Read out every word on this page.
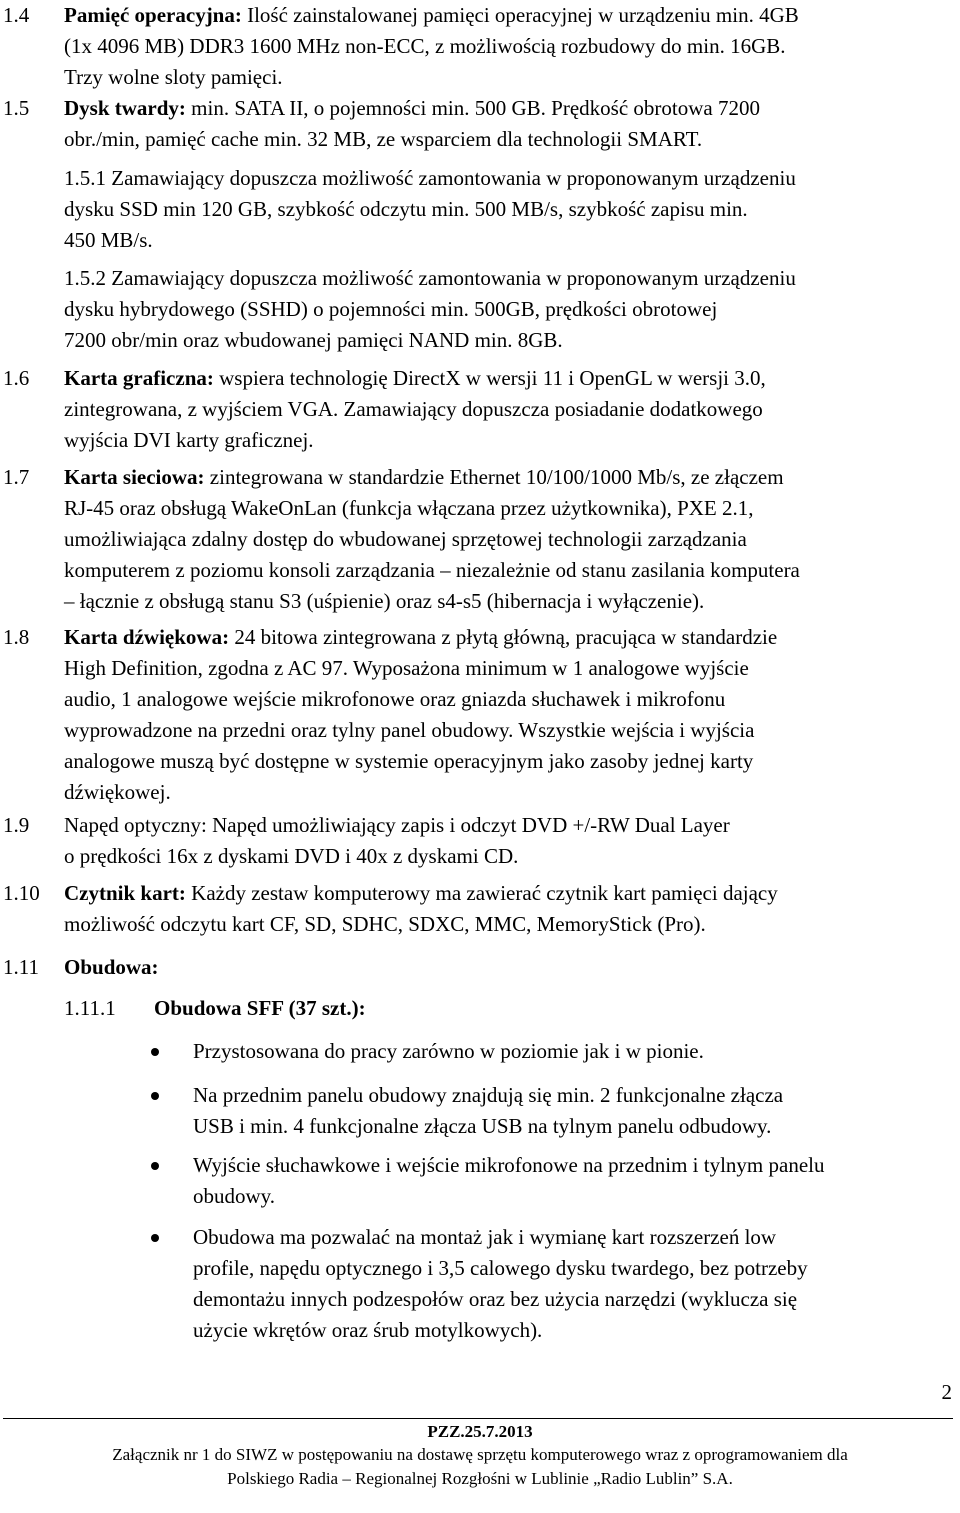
1.4 Pamięć operacyjna: Ilość zainstalowanej pamięci operacyjnej w urządzeniu min. 4GB
(1x 4096 MB) DDR3 1600 MHz non-ECC, z możliwością rozbudowy do min. 16GB.
Trzy wolne sloty pamięci.
1.5 Dysk twardy: min. SATA II, o pojemności min. 500 GB. Prędkość obrotowa 7200
obr./min, pamięć cache min. 32 MB, ze wsparciem dla technologii SMART.
1.5.1 Zamawiający dopuszcza możliwość zamontowania w proponowanym urządzeniu
dysku SSD min 120 GB, szybkość odczytu min. 500 MB/s, szybkość zapisu min.
450 MB/s.
1.5.2 Zamawiający dopuszcza możliwość zamontowania w proponowanym urządzeniu
dysku hybrydowego (SSHD) o pojemności min. 500GB, prędkości obrotowej
7200 obr/min oraz wbudowanej pamięci NAND min. 8GB.
1.6 Karta graficzna: wspiera technologię DirectX w wersji 11 i OpenGL w wersji 3.0,
zintegrowana, z wyjściem VGA. Zamawiający dopuszcza posiadanie dodatkowego
wyjścia DVI karty graficznej.
1.7 Karta sieciowa: zintegrowana w standardzie Ethernet 10/100/1000 Mb/s, ze złączem
RJ-45 oraz obsługą WakeOnLan (funkcja włączana przez użytkownika), PXE 2.1,
umożliwiająca zdalny dostęp do wbudowanej sprzętowej technologii zarządzania
komputerem z poziomu konsoli zarządzania – niezależnie od stanu zasilania komputera
– łącznie z obsługą stanu S3 (uśpienie) oraz s4-s5 (hibernacja i wyłączenie).
1.8 Karta dźwiękowa: 24 bitowa zintegrowana z płytą główną, pracująca w standardzie
High Definition, zgodna z AC 97. Wyposażona minimum w 1 analogowe wyjście
audio, 1 analogowe wejście mikrofonowe oraz gniazda słuchawek i mikrofonu
wyprowadzone na przedni oraz tylny panel obudowy. Wszystkie wejścia i wyjścia
analogowe muszą być dostępne w systemie operacyjnym jako zasoby jednej karty
dźwiękowej.
1.9 Napęd optyczny: Napęd umożliwiający zapis i odczyt DVD +/-RW Dual Layer
o prędkości 16x z dyskami DVD i 40x z dyskami CD.
1.10 Czytnik kart: Każdy zestaw komputerowy ma zawierać czytnik kart pamięci dający
możliwość odczytu kart CF, SD, SDHC, SDXC, MMC, MemoryStick (Pro).
1.11 Obudowa:
1.11.1 Obudowa SFF (37 szt.):
Przystosowana do pracy zarówno w poziomie jak i w pionie.
Na przednim panelu obudowy znajdują się min. 2 funkcjonalne złącza
USB i min. 4 funkcjonalne złącza USB na tylnym panelu odbudowy.
Wyjście słuchawkowe i wejście mikrofonowe na przednim i tylnym panelu
obudowy.
Obudowa ma pozwalać na montaż jak i wymianę kart rozszerzeń low
profile, napędu optycznego i 3,5 calowego dysku twardego, bez potrzeby
demontażu innych podzespołów oraz bez użycia narzędzi (wyklucza się
użycie wkrętów oraz śrub motylkowych).
2
PZZ.25.7.2013
Załącznik nr 1 do SIWZ w postępowaniu na dostawę sprzętu komputerowego wraz z oprogramowaniem dla
Polskiego Radia – Regionalnej Rozgłośni w Lublinie „Radio Lublin” S.A.
